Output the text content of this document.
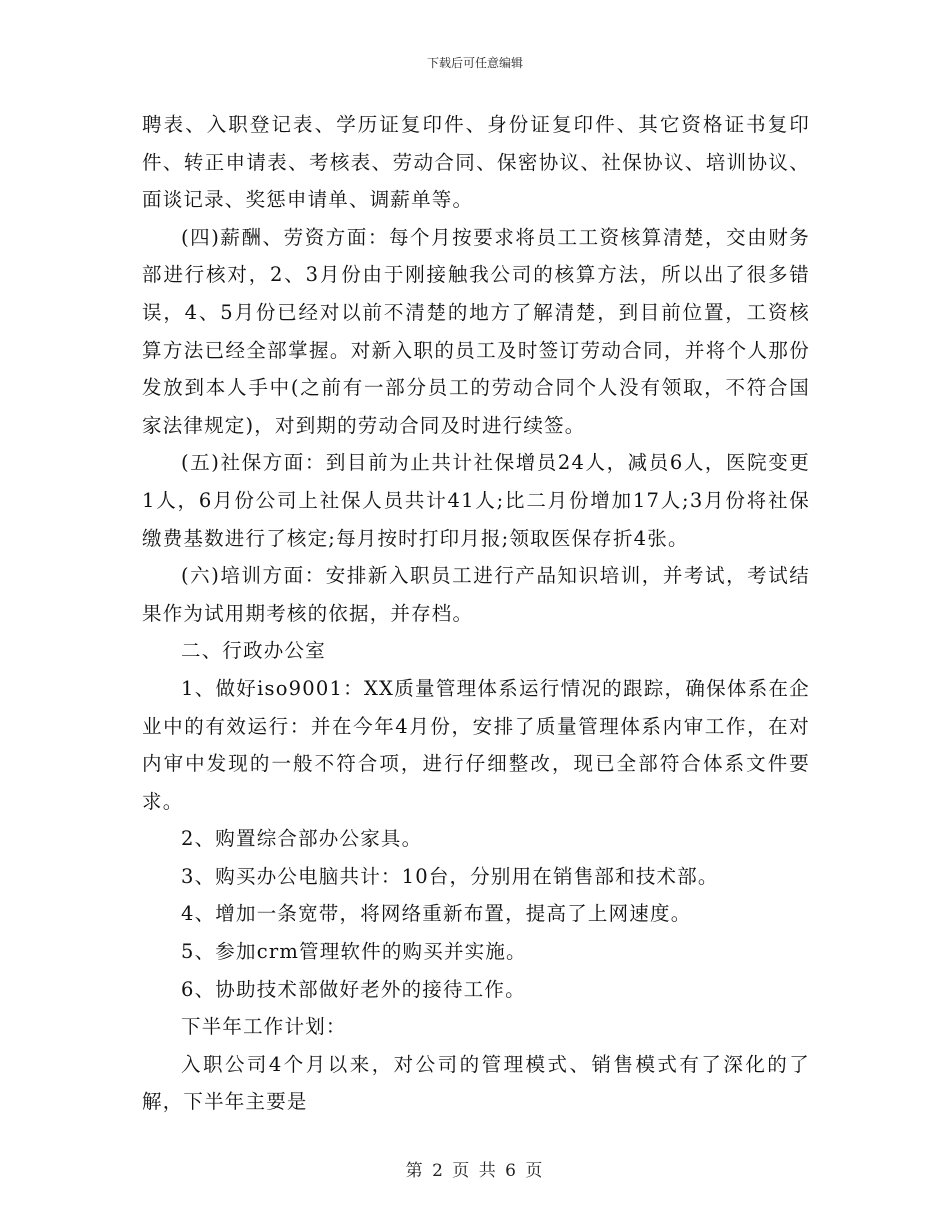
下载后可任意编辑

聘表、入职登记表、学历证复印件、身份证复印件、其它资格证书复印件、转正申请表、考核表、劳动合同、保密协议、社保协议、培训协议、面谈记录、奖惩申请单、调薪单等。

(四)薪酬、劳资方面：每个月按要求将员工工资核算清楚，交由财务部进行核对，2、3月份由于刚接触我公司的核算方法，所以出了很多错误，4、5月份已经对以前不清楚的地方了解清楚，到目前位置，工资核算方法已经全部掌握。对新入职的员工及时签订劳动合同，并将个人那份发放到本人手中(之前有一部分员工的劳动合同个人没有领取，不符合国家法律规定)，对到期的劳动合同及时进行续签。

(五)社保方面：到目前为止共计社保增员24人，减员6人，医院变更1人，6月份公司上社保人员共计41人;比二月份增加17人;3月份将社保缴费基数进行了核定;每月按时打印月报;领取医保存折4张。

(六)培训方面：安排新入职员工进行产品知识培训，并考试，考试结果作为试用期考核的依据，并存档。

二、行政办公室

1、做好iso9001：XX质量管理体系运行情况的跟踪，确保体系在企业中的有效运行：并在今年4月份，安排了质量管理体系内审工作，在对内审中发现的一般不符合项，进行仔细整改，现已全部符合体系文件要求。

2、购置综合部办公家具。

3、购买办公电脑共计：10台，分别用在销售部和技术部。

4、增加一条宽带，将网络重新布置，提高了上网速度。

5、参加crm管理软件的购买并实施。

6、协助技术部做好老外的接待工作。

下半年工作计划：

入职公司4个月以来，对公司的管理模式、销售模式有了深化的了解，下半年主要是

第 2 页 共 6 页
